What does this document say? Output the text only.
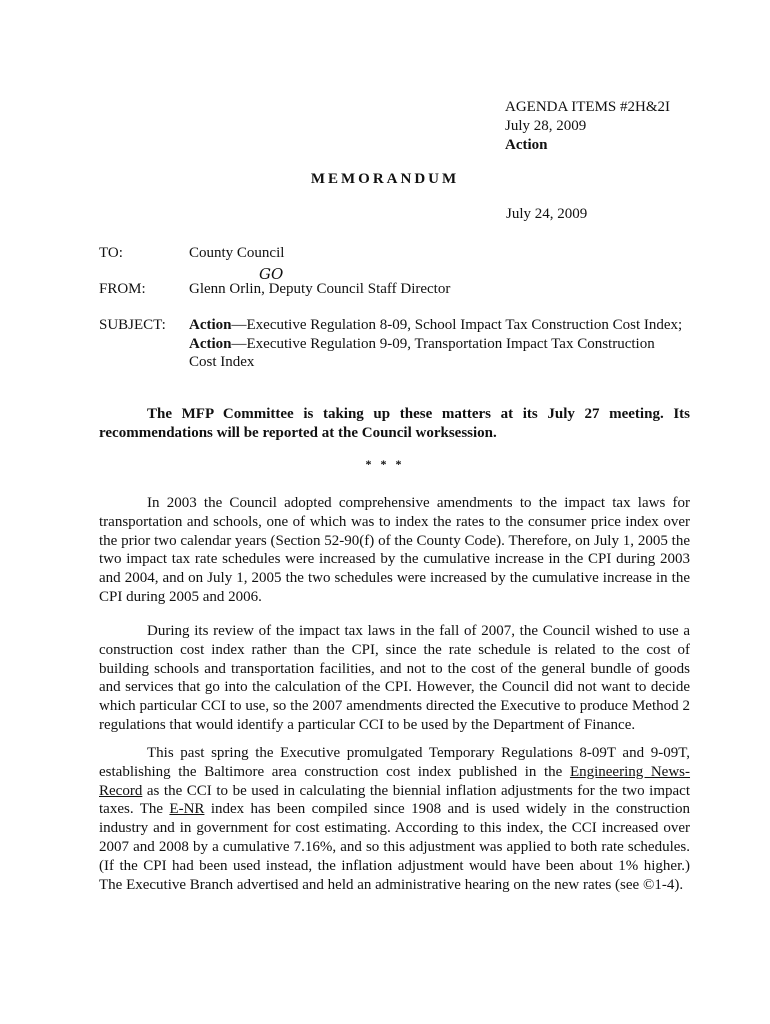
AGENDA ITEMS #2H&2I
July 28, 2009
Action
MEMORANDUM
July 24, 2009
TO:	County Council
GO
FROM:	Glenn Orlin, Deputy Council Staff Director
SUBJECT:	Action—Executive Regulation 8-09, School Impact Tax Construction Cost Index;
Action—Executive Regulation 9-09, Transportation Impact Tax Construction Cost Index
The MFP Committee is taking up these matters at its July 27 meeting. Its recommendations will be reported at the Council worksession.
* * *
In 2003 the Council adopted comprehensive amendments to the impact tax laws for transportation and schools, one of which was to index the rates to the consumer price index over the prior two calendar years (Section 52-90(f) of the County Code). Therefore, on July 1, 2005 the two impact tax rate schedules were increased by the cumulative increase in the CPI during 2003 and 2004, and on July 1, 2005 the two schedules were increased by the cumulative increase in the CPI during 2005 and 2006.
During its review of the impact tax laws in the fall of 2007, the Council wished to use a construction cost index rather than the CPI, since the rate schedule is related to the cost of building schools and transportation facilities, and not to the cost of the general bundle of goods and services that go into the calculation of the CPI. However, the Council did not want to decide which particular CCI to use, so the 2007 amendments directed the Executive to produce Method 2 regulations that would identify a particular CCI to be used by the Department of Finance.
This past spring the Executive promulgated Temporary Regulations 8-09T and 9-09T, establishing the Baltimore area construction cost index published in the Engineering News-Record as the CCI to be used in calculating the biennial inflation adjustments for the two impact taxes. The E-NR index has been compiled since 1908 and is used widely in the construction industry and in government for cost estimating. According to this index, the CCI increased over 2007 and 2008 by a cumulative 7.16%, and so this adjustment was applied to both rate schedules. (If the CPI had been used instead, the inflation adjustment would have been about 1% higher.) The Executive Branch advertised and held an administrative hearing on the new rates (see ©1-4).
